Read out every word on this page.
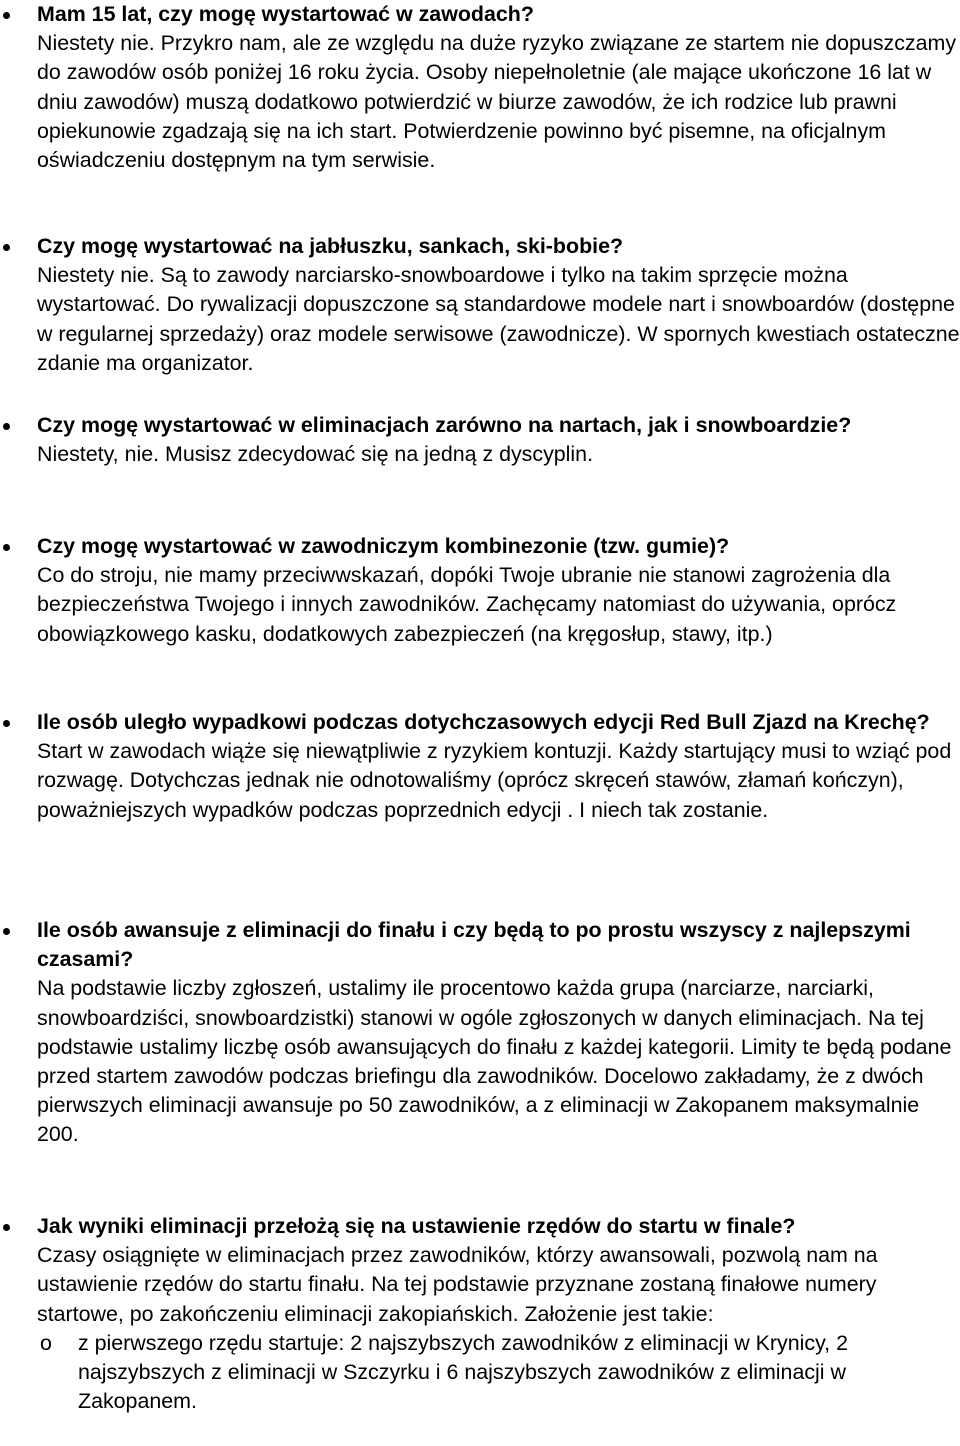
Mam 15 lat, czy mogę wystartować w zawodach?
Niestety nie. Przykro nam, ale ze względu na duże ryzyko związane ze startem nie dopuszczamy do zawodów osób poniżej 16 roku życia. Osoby niepełnoletnie (ale mające ukończone 16 lat w dniu zawodów) muszą dodatkowo potwierdzić w biurze zawodów, że ich rodzice lub prawni opiekunowie zgadzają się na ich start. Potwierdzenie powinno być pisemne, na oficjalnym oświadczeniu dostępnym na tym serwisie.
Czy mogę wystartować na jabłuszku, sankach, ski-bobie?
Niestety nie. Są to zawody narciarsko-snowboardowe i tylko na takim sprzęcie można wystartować. Do rywalizacji dopuszczone są standardowe modele nart i snowboardów (dostępne w regularnej sprzedaży) oraz modele serwisowe (zawodnicze). W spornych kwestiach ostateczne zdanie ma organizator.
Czy mogę wystartować w eliminacjach zarówno na nartach, jak i snowboardzie?
Niestety, nie. Musisz zdecydować się na jedną z dyscyplin.
Czy mogę wystartować w zawodniczym kombinezonie (tzw. gumie)?
Co do stroju, nie mamy przeciwwskazań, dopóki Twoje ubranie nie stanowi zagrożenia dla bezpieczeństwa Twojego i innych zawodników. Zachęcamy natomiast do używania, oprócz obowiązkowego kasku, dodatkowych zabezpieczeń (na kręgosłup, stawy, itp.)
Ile osób uległo wypadkowi podczas dotychczasowych edycji Red Bull Zjazd na Krechę?
Start w zawodach wiąże się niewątpliwie z ryzykiem kontuzji. Każdy startujący musi to wziąć pod rozwagę. Dotychczas jednak nie odnotowaliśmy (oprócz skręceń stawów, złamań kończyn), poważniejszych wypadków podczas poprzednich edycji . I niech tak zostanie.
Ile osób awansuje z eliminacji do finału i czy będą to po prostu wszyscy z najlepszymi czasami?
Na podstawie liczby zgłoszeń, ustalimy ile procentowo każda grupa (narciarze, narciarki, snowboardziści, snowboardzistki) stanowi w ogóle zgłoszonych w danych eliminacjach. Na tej podstawie ustalimy liczbę osób awansujących do finału z każdej kategorii. Limity te będą podane przed startem zawodów podczas briefingu dla zawodników. Docelowo zakładamy, że z dwóch pierwszych eliminacji awansuje po 50 zawodników, a z eliminacji w Zakopanem maksymalnie 200.
Jak wyniki eliminacji przełożą się na ustawienie rzędów do startu w finale?
Czasy osiągnięte w eliminacjach przez zawodników, którzy awansowali, pozwolą nam na ustawienie rzędów do startu finału. Na tej podstawie przyznane zostaną finałowe numery startowe, po zakończeniu eliminacji zakopiańskich. Założenie jest takie:
o z pierwszego rzędu startuje: 2 najszybszych zawodników z eliminacji w Krynicy, 2 najszybszych z eliminacji w Szczyrku i 6 najszybszych zawodników z eliminacji w Zakopanem.
